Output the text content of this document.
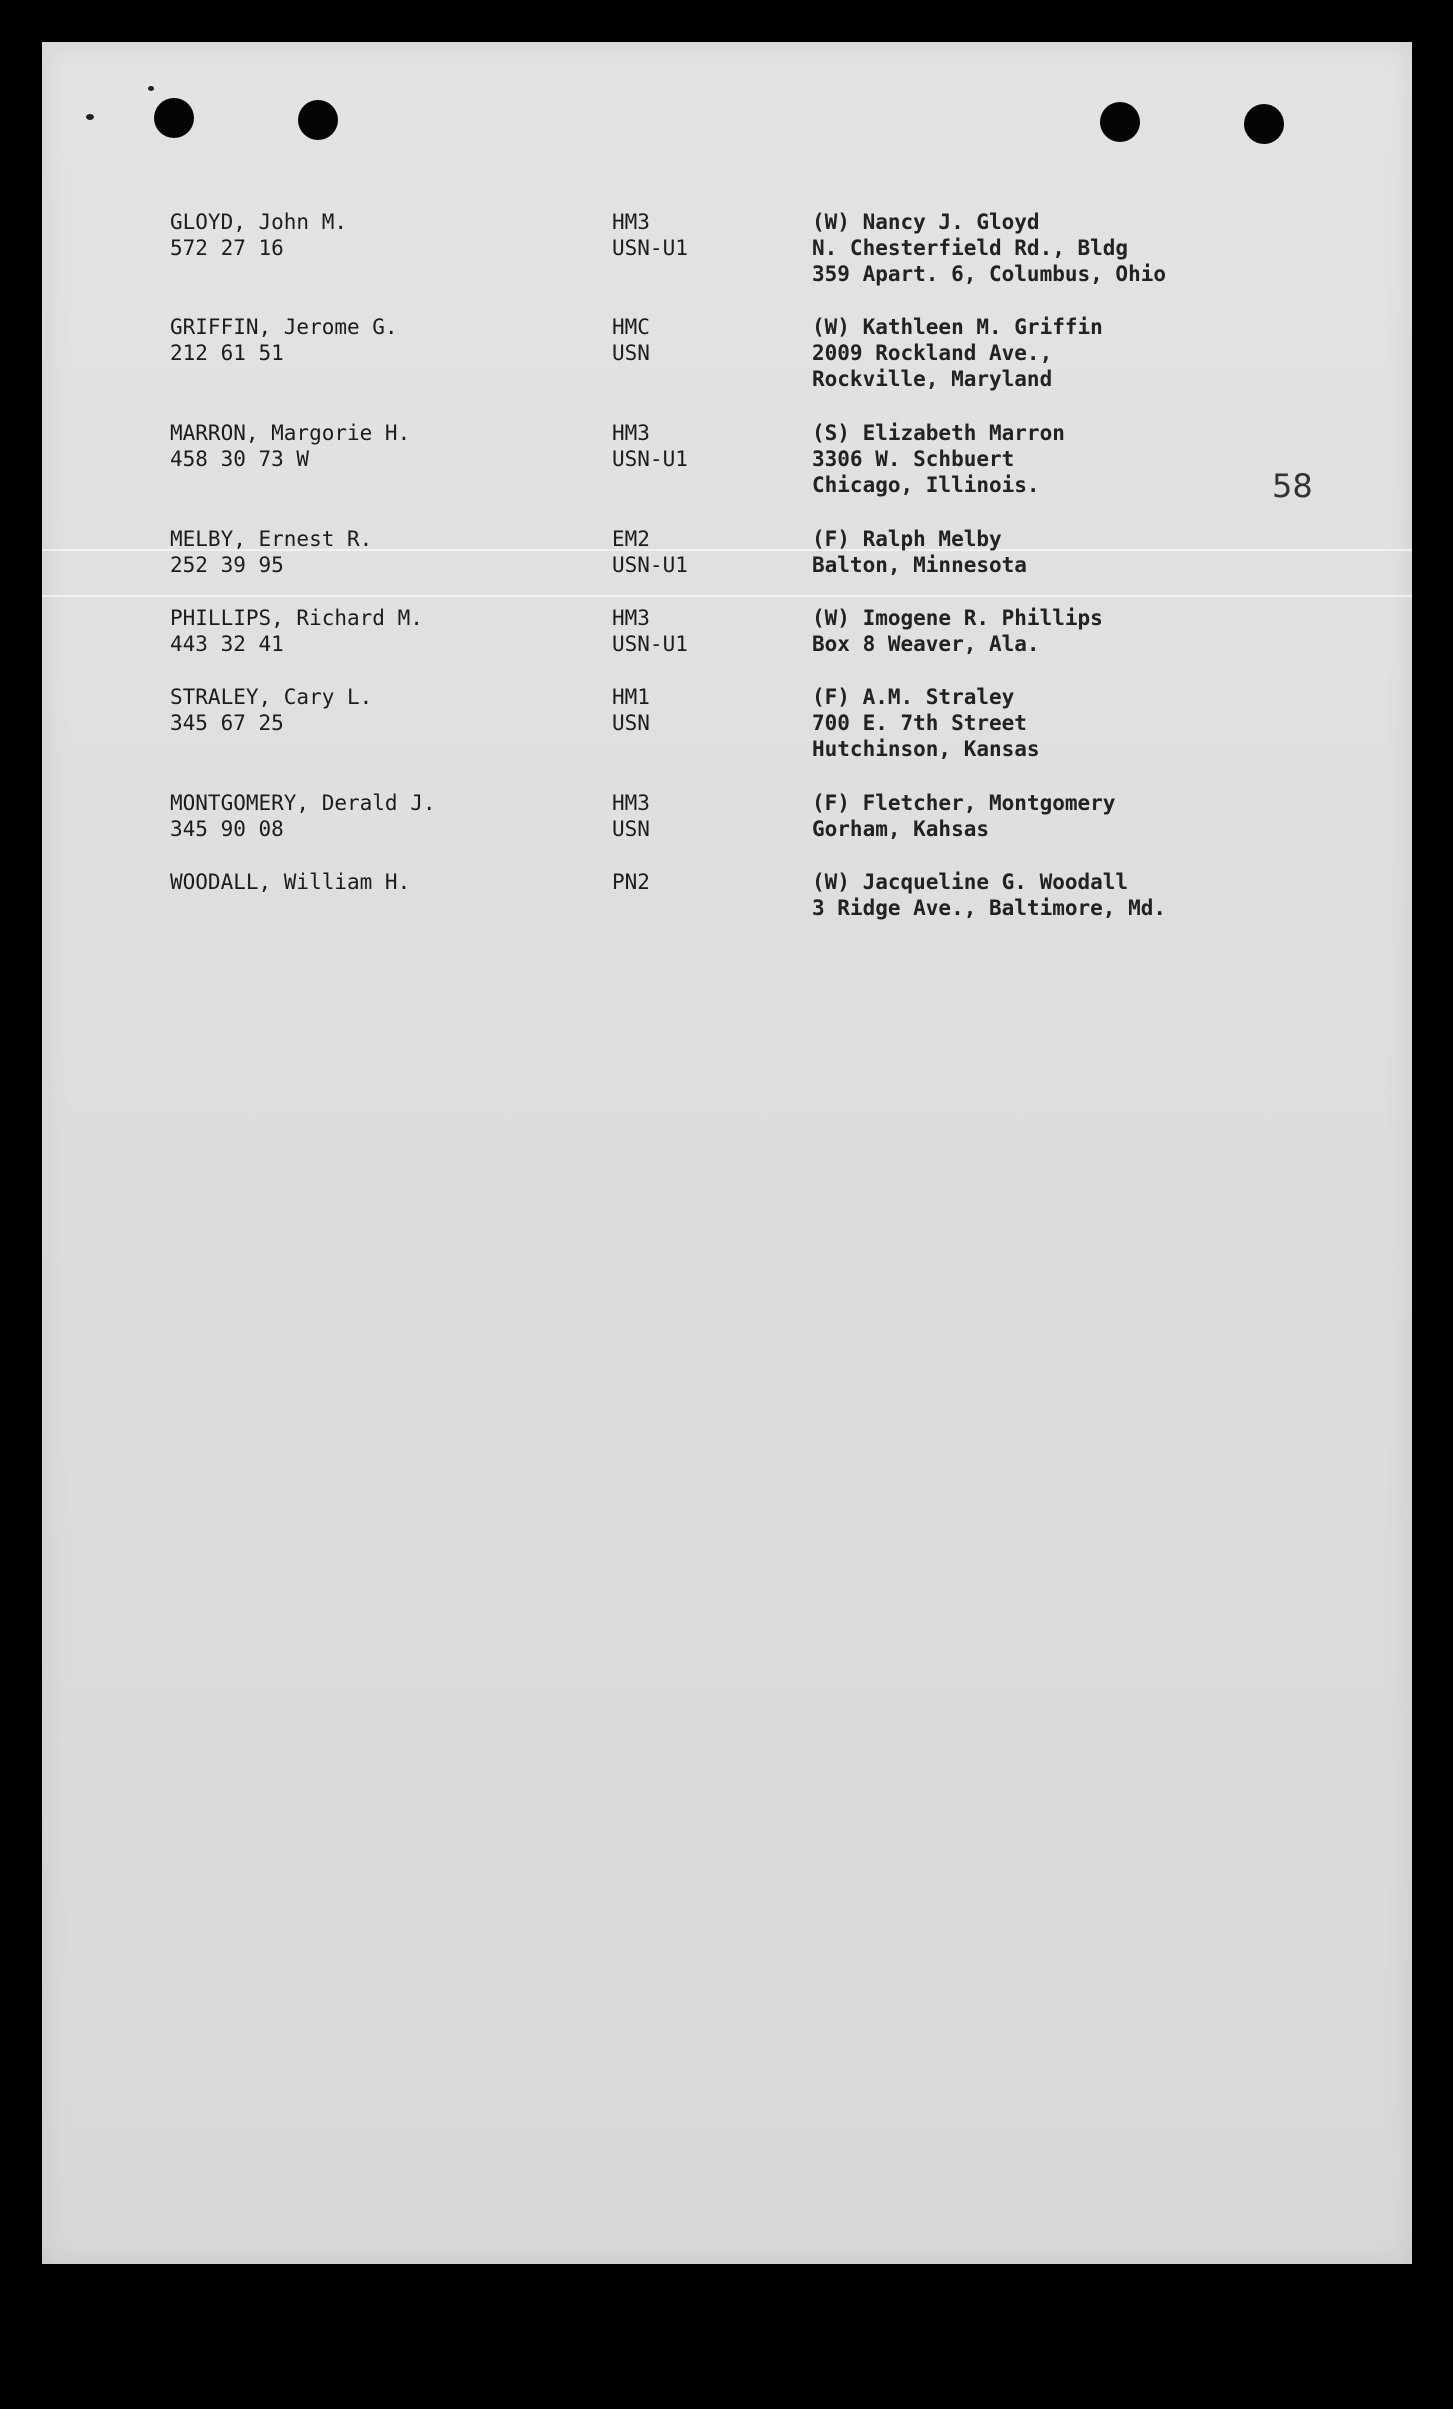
58
GLOYD, John M.
572 27 16
HM3
USN-U1
(W) Nancy J. Gloyd
N. Chesterfield Rd., Bldg
359 Apart. 6, Columbus, Ohio
GRIFFIN, Jerome G.
212 61 51
HMC
USN
(W) Kathleen M. Griffin
2009 Rockland Ave.,
Rockville, Maryland
MARRON, Margorie H.
458 30 73 W
HM3
USN-U1
(S) Elizabeth Marron
3306 W. Schbuert
Chicago, Illinois.
MELBY, Ernest R.
252 39 95
EM2
USN-U1
(F) Ralph Melby
Balton, Minnesota
PHILLIPS, Richard M.
443 32 41
HM3
USN-U1
(W) Imogene R. Phillips
Box 8 Weaver, Ala.
STRALEY, Cary L.
345 67 25
HM1
USN
(F) A.M. Straley
700 E. 7th Street
Hutchinson, Kansas
MONTGOMERY, Derald J.
345 90 08
HM3
USN
(F) Fletcher, Montgomery
Gorham, Kahsas
WOODALL, William H.	PN2	(W) Jacqueline G. Woodall
3 Ridge Ave., Baltimore, Md.
